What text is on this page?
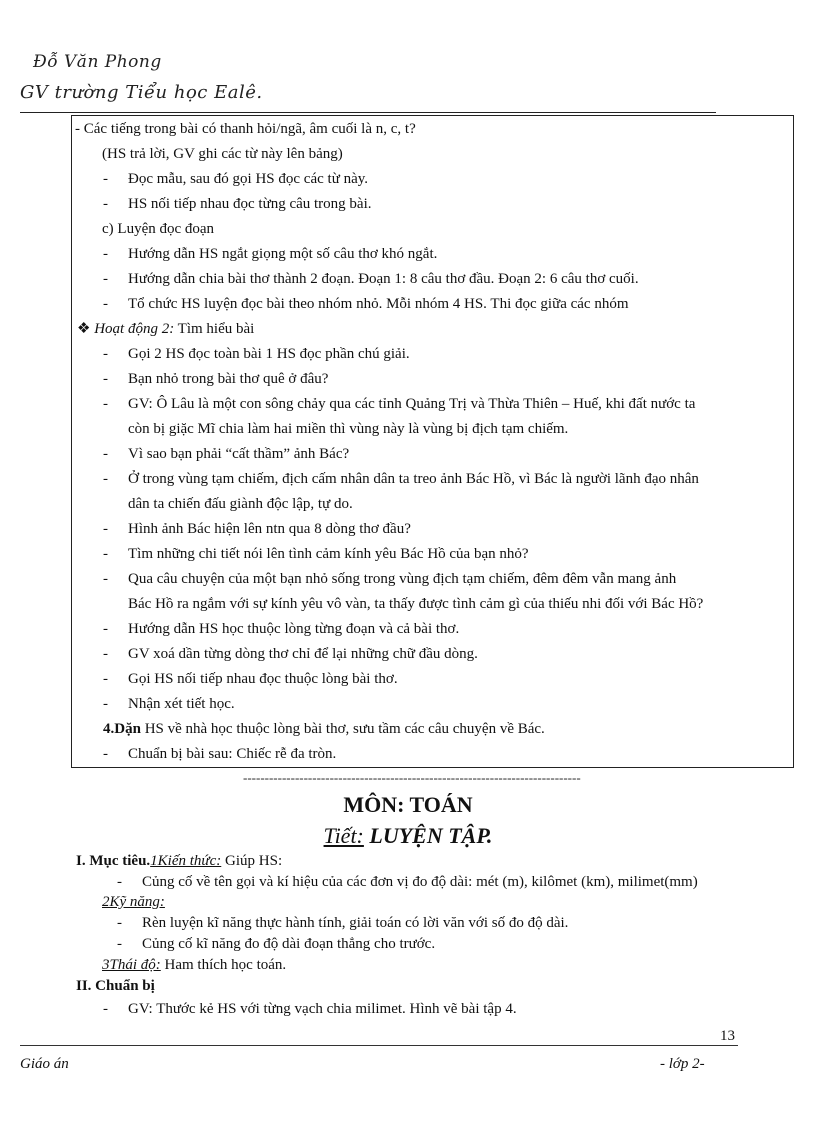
Đỗ Văn Phong
GV trường Tiểu học Ealê.
- Các tiếng trong bài có thanh hỏi/ngã, âm cuối là n, c, t?
(HS trả lời, GV ghi các từ này lên bảng)
- Đọc mẫu, sau đó gọi HS đọc các từ này.
- HS nối tiếp nhau đọc từng câu trong bài.
c) Luyện đọc đoạn
- Hướng dẫn HS ngắt giọng một số câu thơ khó ngắt.
- Hướng dẫn chia bài thơ thành 2 đoạn. Đoạn 1: 8 câu thơ đầu. Đoạn 2: 6 câu thơ cuối.
- Tổ chức HS luyện đọc bài theo nhóm nhỏ. Mỗi nhóm 4 HS. Thi đọc giữa các nhóm
❖ Hoạt động 2: Tìm hiểu bài
- Gọi 2 HS đọc toàn bài 1 HS đọc phần chú giải.
- Bạn nhỏ trong bài thơ quê ở đâu?
- GV: Ô Lâu là một con sông chảy qua các tỉnh Quảng Trị và Thừa Thiên – Huế, khi đất nước ta
còn bị giặc Mĩ chia làm hai miền thì vùng này là vùng bị địch tạm chiếm.
- Vì sao bạn phải “cất thầm” ảnh Bác?
- Ở trong vùng tạm chiếm, địch cấm nhân dân ta treo ảnh Bác Hồ, vì Bác là người lãnh đạo nhân
dân ta chiến đấu giành độc lập, tự do.
- Hình ảnh Bác hiện lên ntn qua 8 dòng thơ đầu?
- Tìm những chi tiết nói lên tình cảm kính yêu Bác Hồ của bạn nhỏ?
- Qua câu chuyện của một bạn nhỏ sống trong vùng địch tạm chiếm, đêm đêm vẫn mang ảnh
Bác Hồ ra ngắm với sự kính yêu vô vàn, ta thấy được tình cảm gì của thiếu nhi đối với Bác Hồ?
- Hướng dẫn HS học thuộc lòng từng đoạn và cả bài thơ.
- GV xoá dần từng dòng thơ chỉ để lại những chữ đầu dòng.
- Gọi HS nối tiếp nhau đọc thuộc lòng bài thơ.
- Nhận xét tiết học.
4.Dặn HS về nhà học thuộc lòng bài thơ, sưu tầm các câu chuyện về Bác.
- Chuẩn bị bài sau: Chiếc rễ đa tròn.
------------------------------------------------------------------------------
MÔN: TOÁN
Tiết: LUYỆN TẬP.
I. Mục tiêu.1Kiến thức: Giúp HS:
- Củng cố về tên gọi và kí hiệu của các đơn vị đo độ dài: mét (m), kilômet (km), milimet(mm)
2Kỹ năng:
- Rèn luyện kĩ năng thực hành tính, giải toán có lời văn với số đo độ dài.
- Củng cố kĩ năng đo độ dài đoạn thẳng cho trước.
3Thái độ: Ham thích học toán.
II. Chuẩn bị
- GV: Thước kẻ HS với từng vạch chia milimet. Hình vẽ bài tập 4.
13
Giáo án	- lớp 2-
